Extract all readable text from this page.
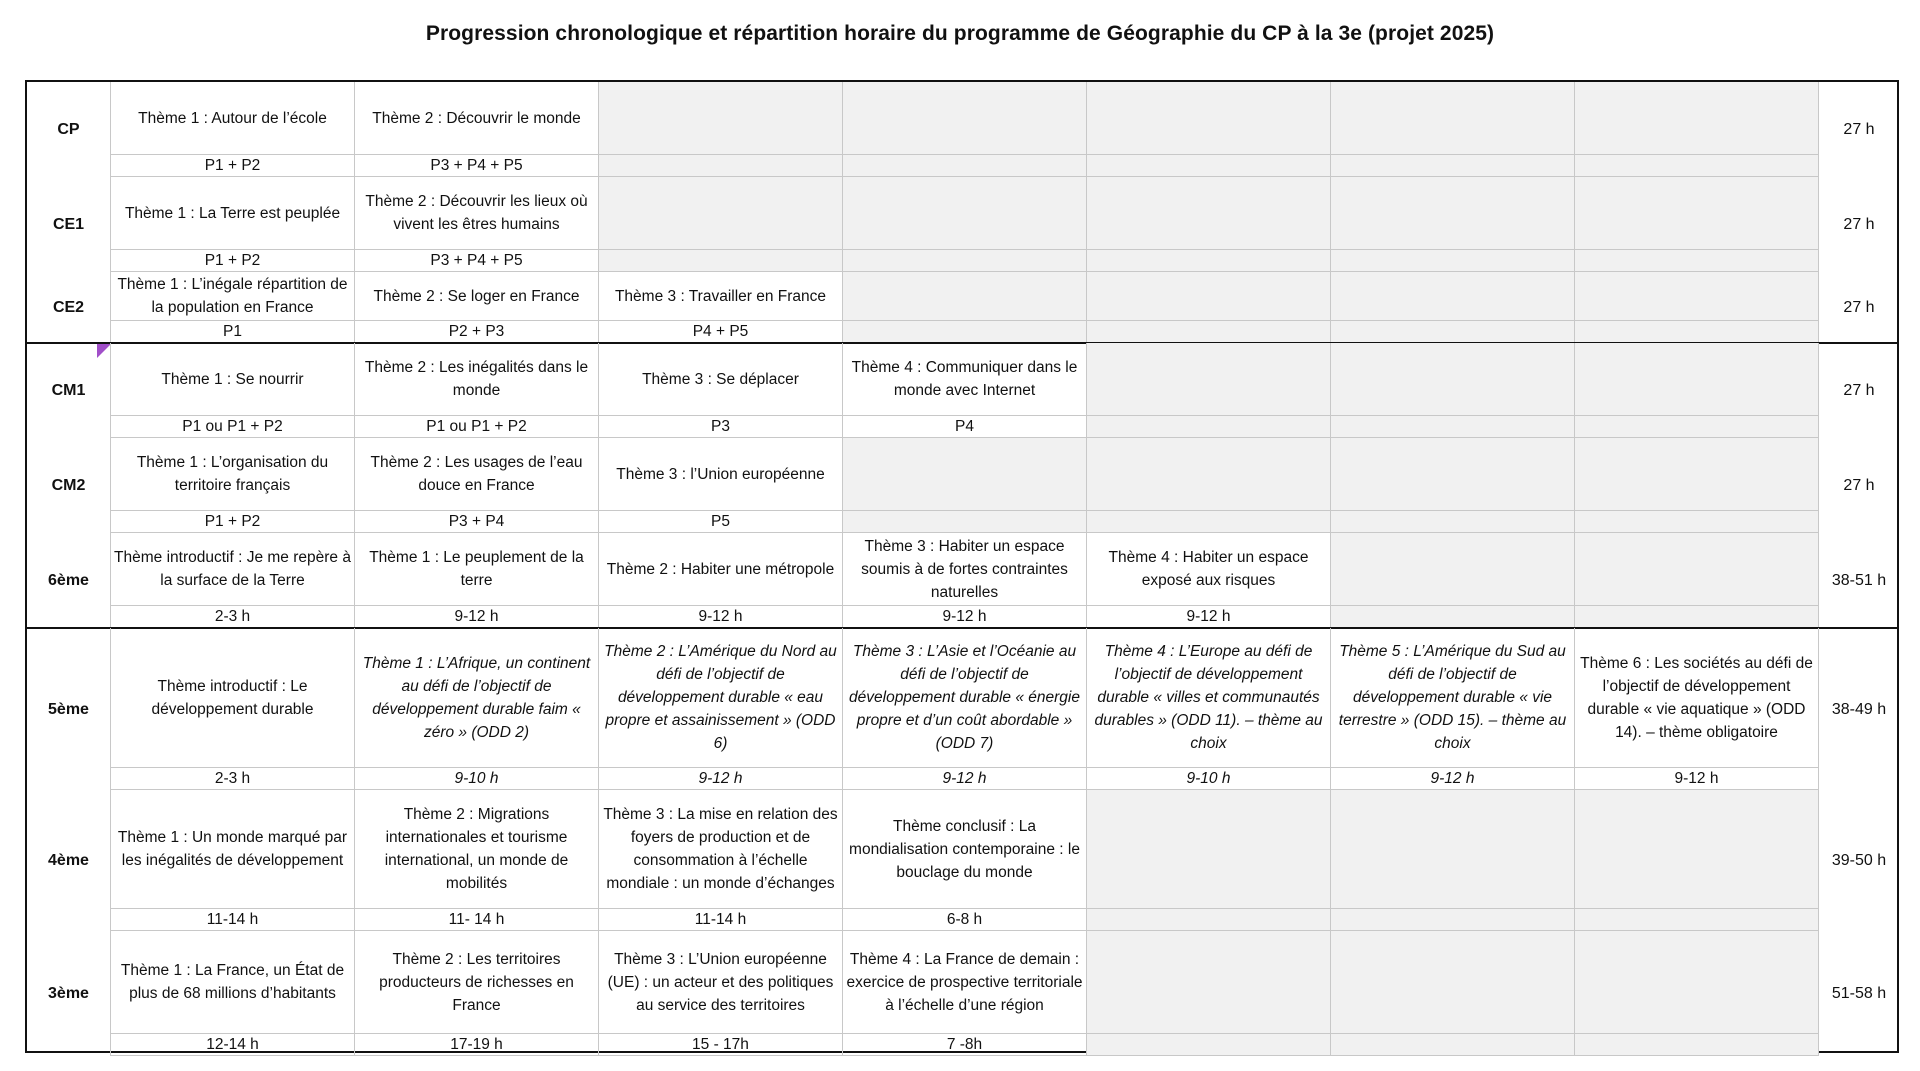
Progression chronologique et répartition horaire du programme de Géographie du CP à la 3e (projet 2025)
CP
Thème 1 : Autour de l’école
P1 + P2
Thème 2 : Découvrir le monde
P3 + P4 + P5
27 h
CE1
Thème 1 : La Terre est peuplée
P1 + P2
Thème 2 : Découvrir les lieux où vivent les êtres humains
P3 + P4 + P5
27 h
CE2
Thème 1 : L’inégale répartition de la population en France
P1
Thème 2 : Se loger en France
P2 + P3
Thème 3 : Travailler en France
P4 + P5
27 h
CM1
Thème 1 : Se nourrir
P1 ou P1 + P2
Thème 2 : Les inégalités dans le monde
P1 ou P1 + P2
Thème 3 : Se déplacer
P3
Thème 4 : Communiquer dans le monde avec Internet
P4
27 h
CM2
Thème 1 : L’organisation du territoire français
P1 + P2
Thème 2 : Les usages de l’eau douce en France
P3 + P4
Thème 3 : l’Union européenne
P5
27 h
6ème
Thème introductif : Je me repère à la surface de la Terre
2-3 h
Thème 1 : Le peuplement de la terre
9-12 h
Thème 2 : Habiter une métropole
9-12 h
Thème 3 : Habiter un espace soumis à de fortes contraintes naturelles
9-12 h
Thème 4 : Habiter un espace exposé aux risques
9-12 h
38-51 h
5ème
Thème introductif : Le développement durable
2-3 h
Thème 1 : L’Afrique, un continent au défi de l’objectif de développement durable faim « zéro » (ODD 2)
9-10 h
Thème 2 : L’Amérique du Nord au défi de l’objectif de développement durable « eau propre et assainissement » (ODD 6)
9-12 h
Thème 3 : L’Asie et l’Océanie au défi de l’objectif de développement durable « énergie propre et d’un coût abordable » (ODD 7)
9-12 h
Thème 4 : L’Europe au défi de l’objectif de développement durable « villes et communautés durables » (ODD 11). – thème au choix
9-10 h
Thème 5 : L’Amérique du Sud au défi de l’objectif de développement durable « vie terrestre » (ODD 15). – thème au choix
9-12 h
Thème 6 : Les sociétés au défi de l’objectif de développement durable « vie aquatique » (ODD 14). – thème obligatoire
9-12 h
38-49 h
4ème
Thème 1 : Un monde marqué par les inégalités de développement
11-14 h
Thème 2 : Migrations internationales et tourisme international, un monde de mobilités
11- 14 h
Thème 3 : La mise en relation des foyers de production et de consommation à l’échelle mondiale : un monde d’échanges
11-14 h
Thème conclusif : La mondialisation contemporaine : le bouclage du monde
6-8 h
39-50 h
3ème
Thème 1 : La France, un État de plus de 68 millions d’habitants
12-14 h
Thème 2 : Les territoires producteurs de richesses en France
17-19 h
Thème 3 : L’Union européenne (UE) : un acteur et des politiques au service des territoires
15 - 17h
Thème 4 : La France de demain : exercice de prospective territoriale à l’échelle d’une région
7 -8h
51-58 h
